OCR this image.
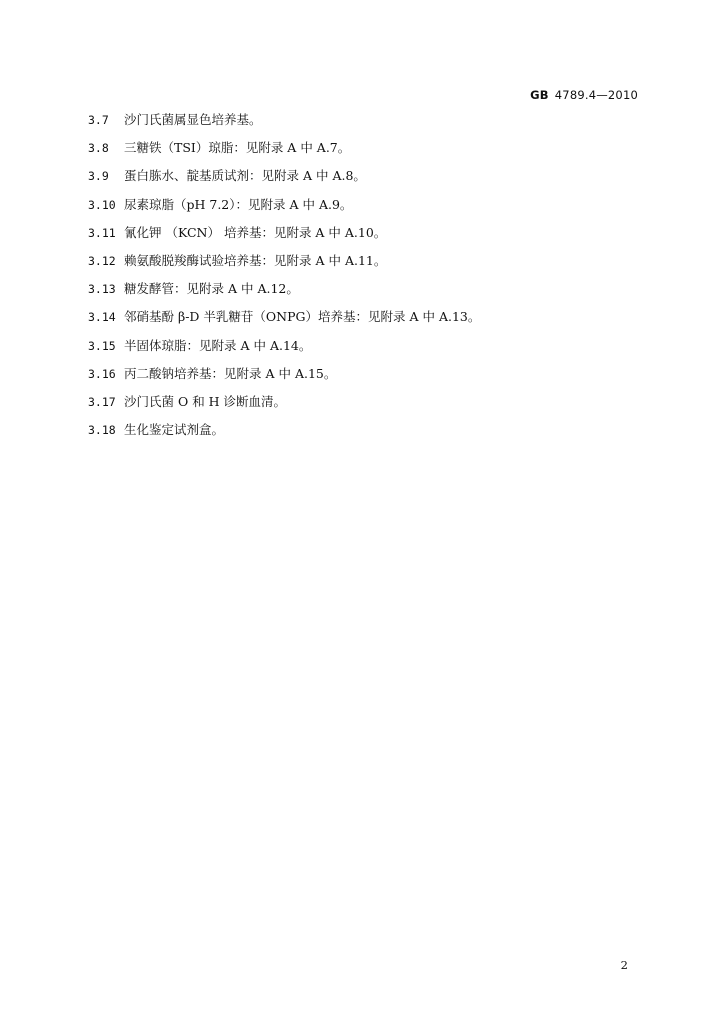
GB 4789.4—2010
3.7 沙门氏菌属显色培养基。
3.8 三糖铁（TSI）琼脂：见附录 A 中 A.7。
3.9 蛋白胨水、靛基质试剂：见附录 A 中 A.8。
3.10 尿素琼脂（pH 7.2）：见附录 A 中 A.9。
3.11 氰化钾 （KCN） 培养基：见附录 A 中 A.10。
3.12 赖氨酸脱羧酶试验培养基：见附录 A 中 A.11。
3.13 糖发酵管：见附录 A 中 A.12。
3.14 邻硝基酚 β-D 半乳糖苷（ONPG）培养基：见附录 A 中 A.13。
3.15 半固体琼脂：见附录 A 中 A.14。
3.16 丙二酸钠培养基：见附录 A 中 A.15。
3.17 沙门氏菌 O 和 H 诊断血清。
3.18 生化鉴定试剂盒。
2
